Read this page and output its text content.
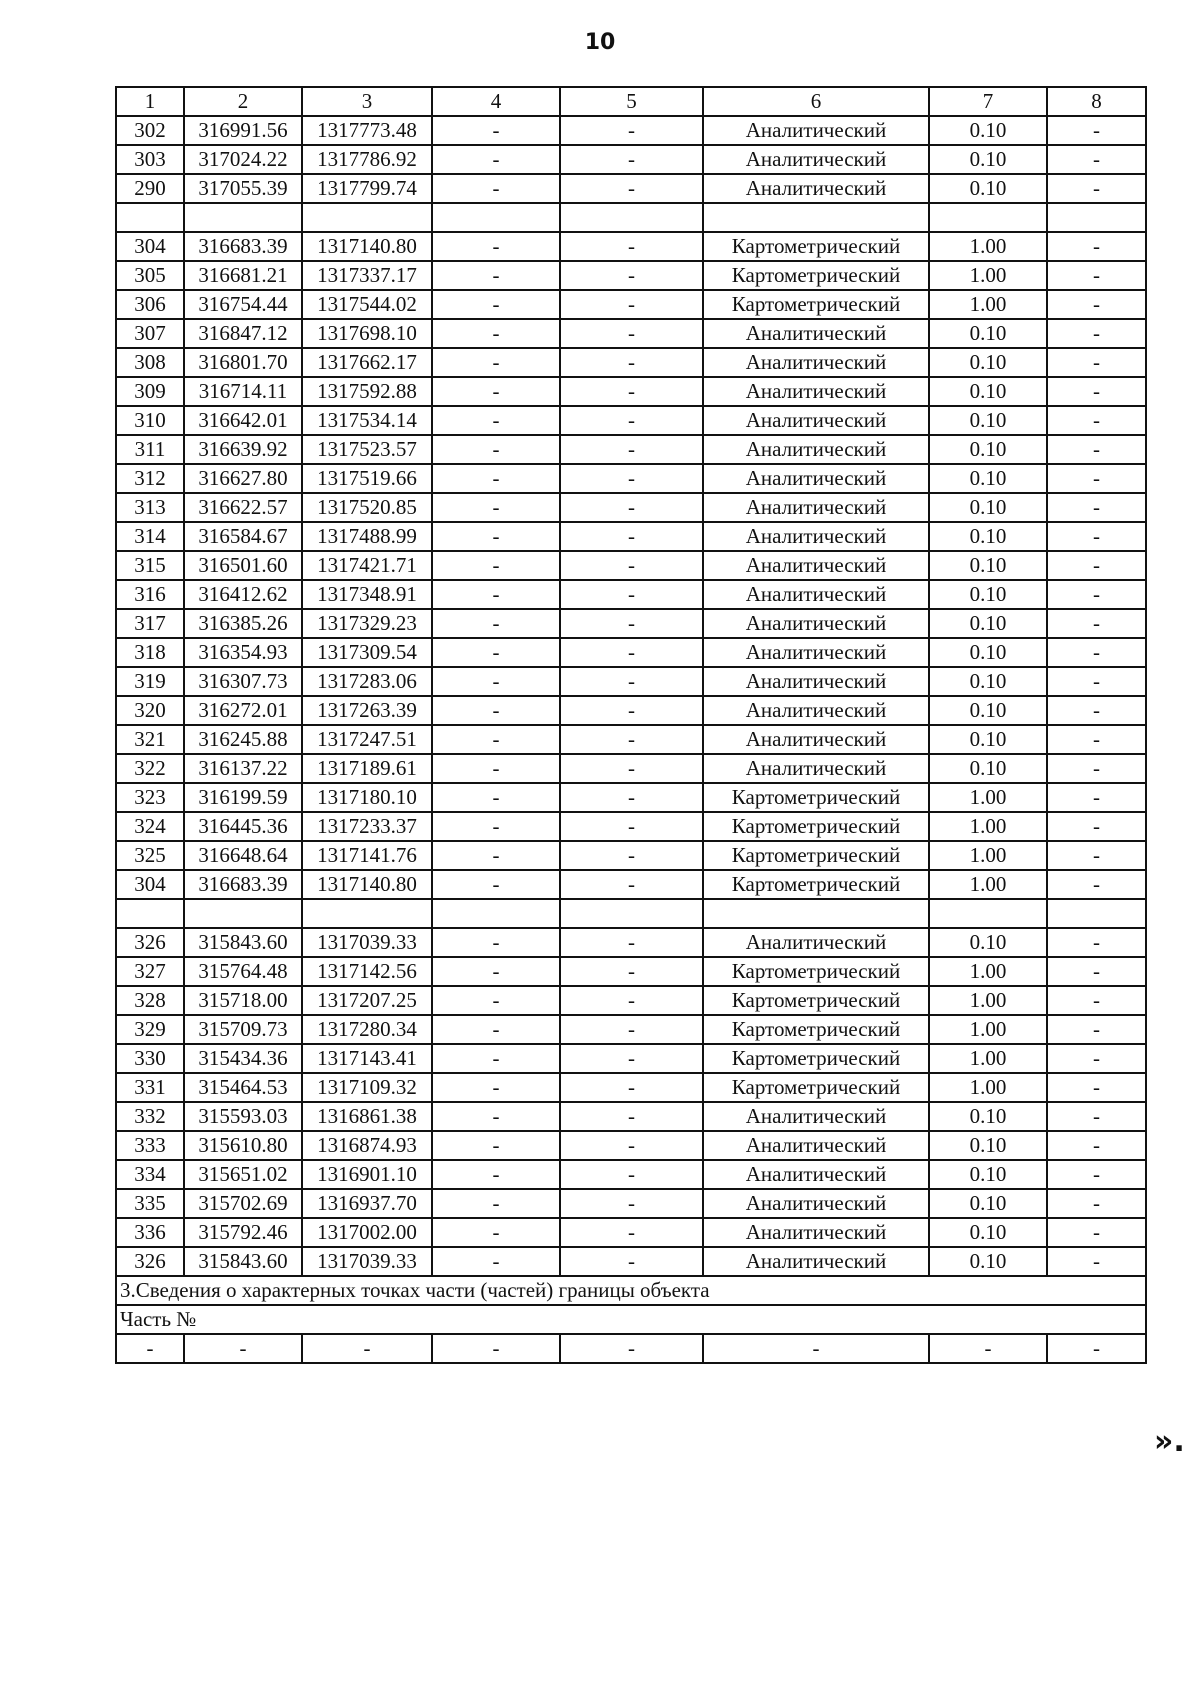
10
1	2	3	4	5	6	7	8
302	316991.56	1317773.48	-	-	Аналитический	0.10	-
303	317024.22	1317786.92	-	-	Аналитический	0.10	-
290	317055.39	1317799.74	-	-	Аналитический	0.10	-

304	316683.39	1317140.80	-	-	Картометрический	1.00	-
305	316681.21	1317337.17	-	-	Картометрический	1.00	-
306	316754.44	1317544.02	-	-	Картометрический	1.00	-
307	316847.12	1317698.10	-	-	Аналитический	0.10	-
308	316801.70	1317662.17	-	-	Аналитический	0.10	-
309	316714.11	1317592.88	-	-	Аналитический	0.10	-
310	316642.01	1317534.14	-	-	Аналитический	0.10	-
311	316639.92	1317523.57	-	-	Аналитический	0.10	-
312	316627.80	1317519.66	-	-	Аналитический	0.10	-
313	316622.57	1317520.85	-	-	Аналитический	0.10	-
314	316584.67	1317488.99	-	-	Аналитический	0.10	-
315	316501.60	1317421.71	-	-	Аналитический	0.10	-
316	316412.62	1317348.91	-	-	Аналитический	0.10	-
317	316385.26	1317329.23	-	-	Аналитический	0.10	-
318	316354.93	1317309.54	-	-	Аналитический	0.10	-
319	316307.73	1317283.06	-	-	Аналитический	0.10	-
320	316272.01	1317263.39	-	-	Аналитический	0.10	-
321	316245.88	1317247.51	-	-	Аналитический	0.10	-
322	316137.22	1317189.61	-	-	Аналитический	0.10	-
323	316199.59	1317180.10	-	-	Картометрический	1.00	-
324	316445.36	1317233.37	-	-	Картометрический	1.00	-
325	316648.64	1317141.76	-	-	Картометрический	1.00	-
304	316683.39	1317140.80	-	-	Картометрический	1.00	-

326	315843.60	1317039.33	-	-	Аналитический	0.10	-
327	315764.48	1317142.56	-	-	Картометрический	1.00	-
328	315718.00	1317207.25	-	-	Картометрический	1.00	-
329	315709.73	1317280.34	-	-	Картометрический	1.00	-
330	315434.36	1317143.41	-	-	Картометрический	1.00	-
331	315464.53	1317109.32	-	-	Картометрический	1.00	-
332	315593.03	1316861.38	-	-	Аналитический	0.10	-
333	315610.80	1316874.93	-	-	Аналитический	0.10	-
334	315651.02	1316901.10	-	-	Аналитический	0.10	-
335	315702.69	1316937.70	-	-	Аналитический	0.10	-
336	315792.46	1317002.00	-	-	Аналитический	0.10	-
326	315843.60	1317039.33	-	-	Аналитический	0.10	-
3.Сведения о характерных точках части (частей) границы объекта							
Часть №							
-	-	-	-	-	-	-	-
».
